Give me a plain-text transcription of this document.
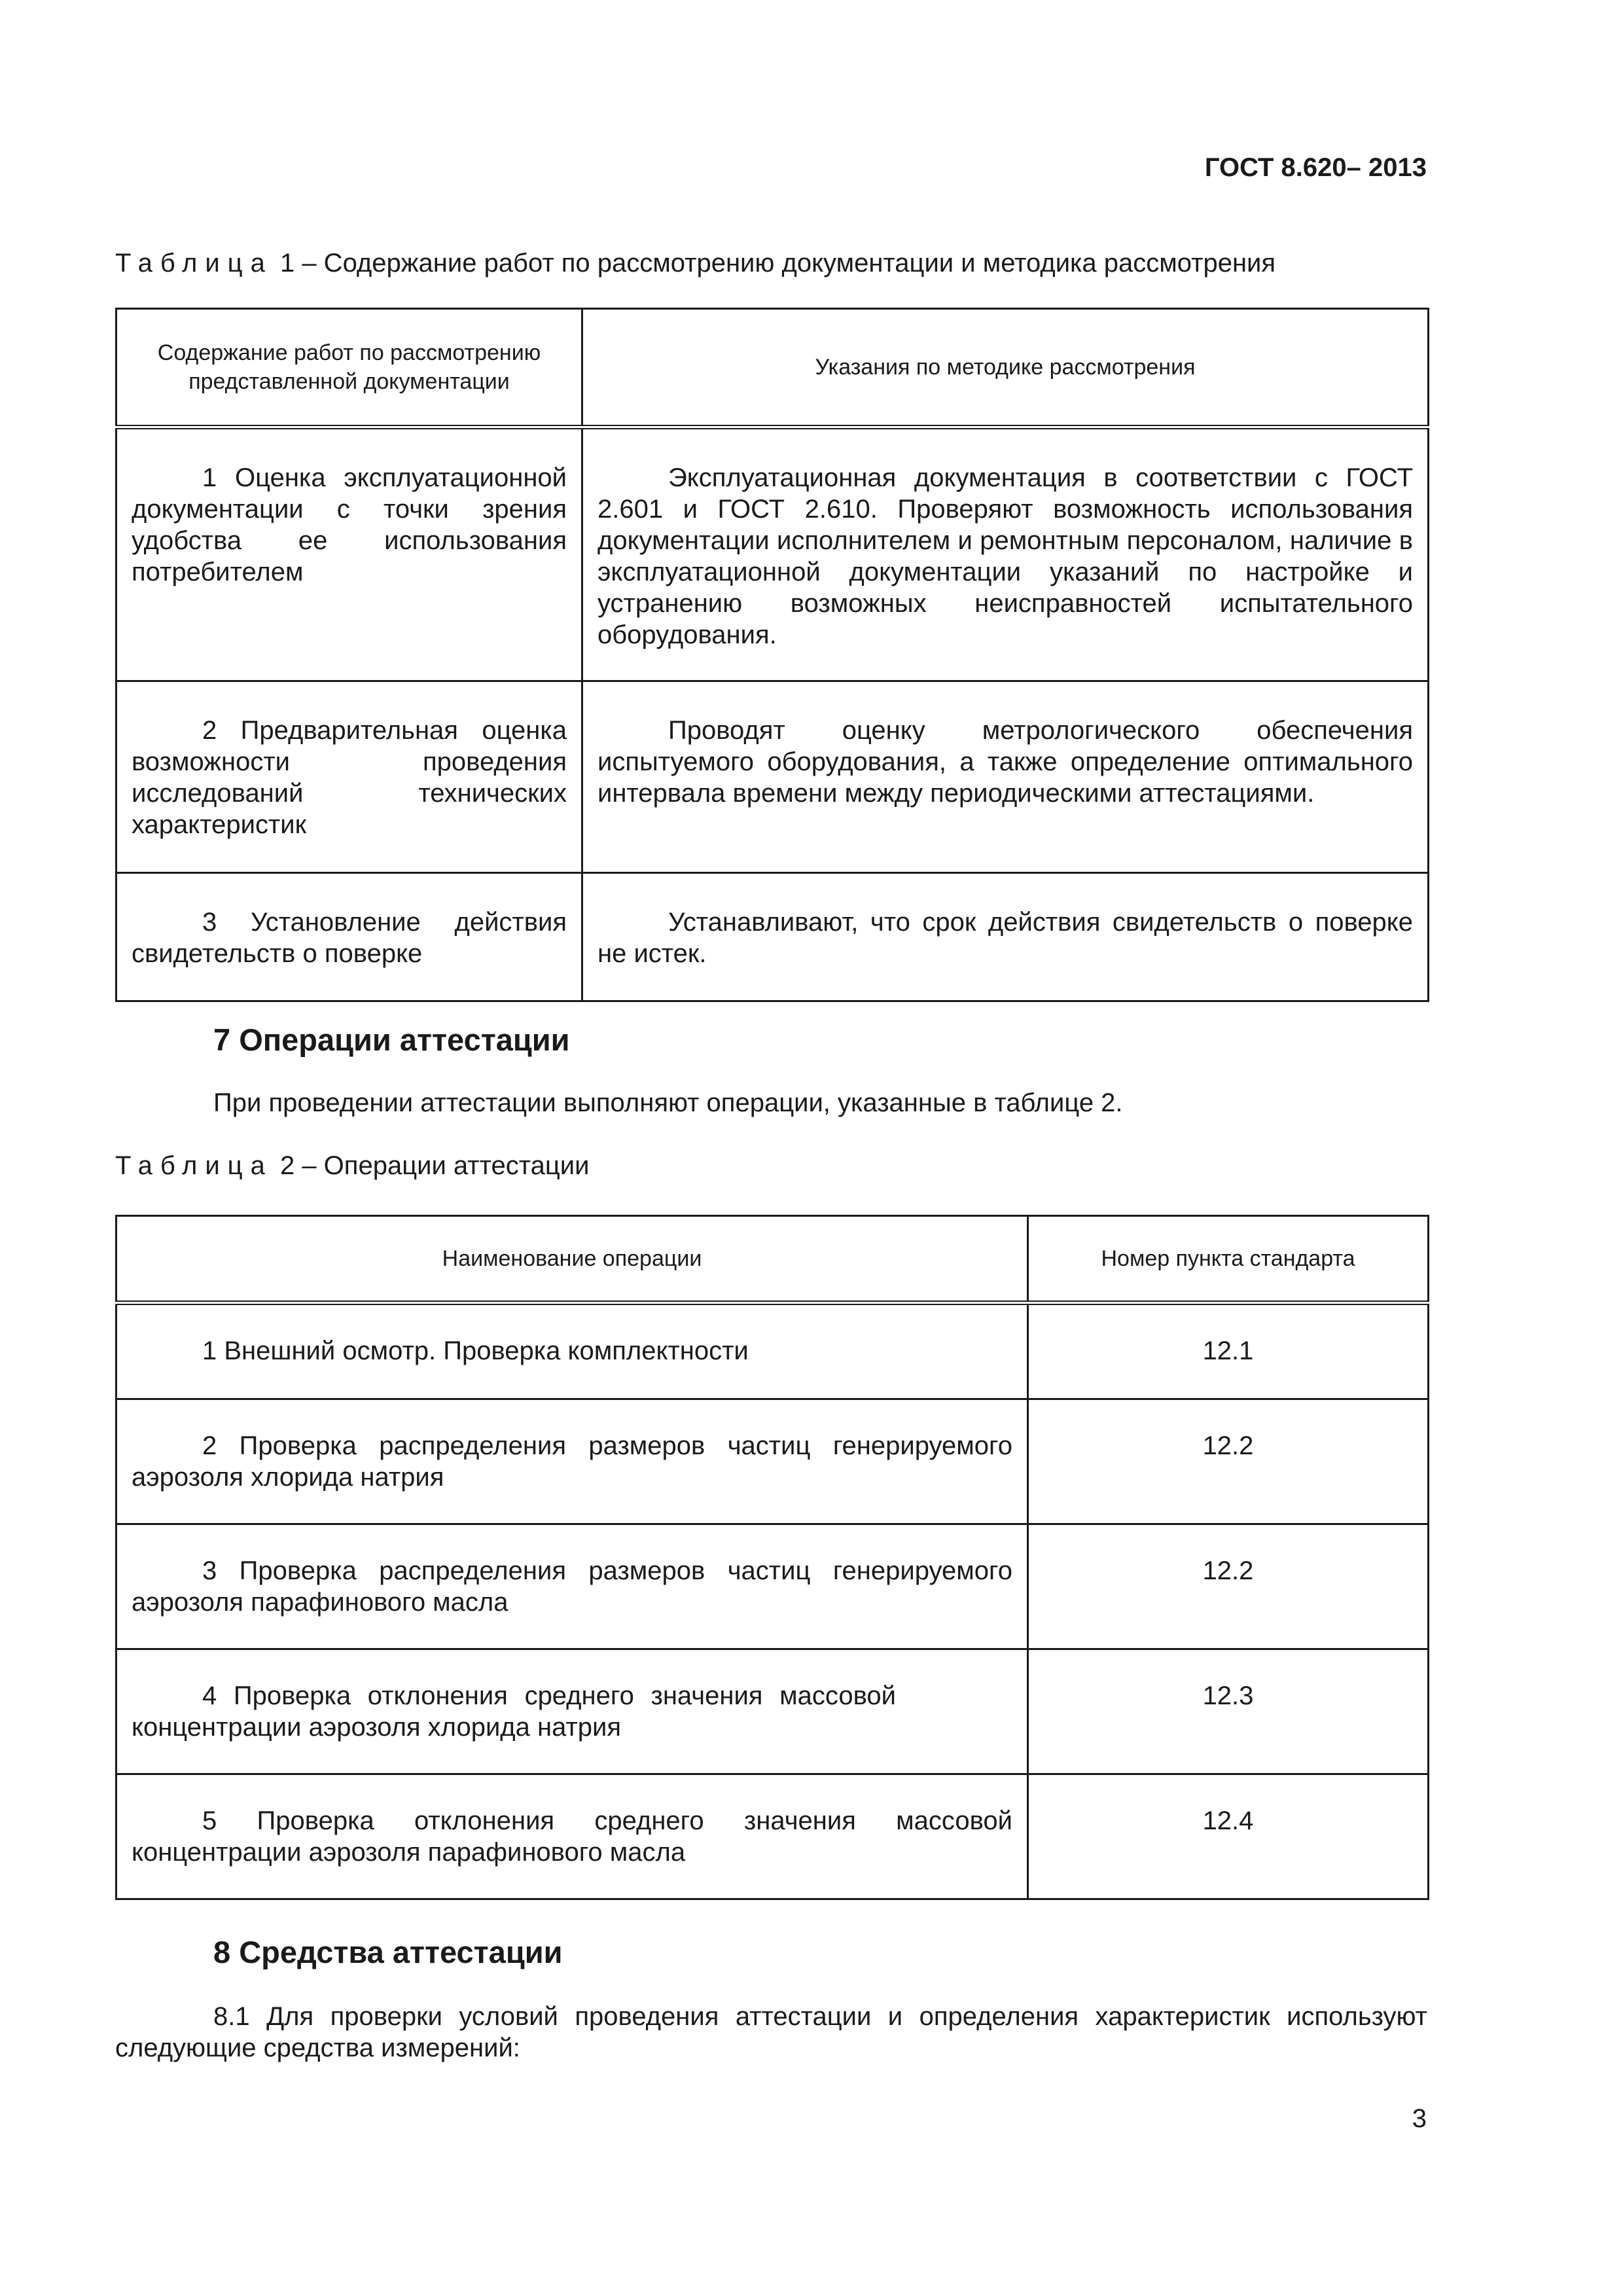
ГОСТ 8.620– 2013
Таблица 1 – Содержание работ по рассмотрению документации и методика рассмотрения
Содержание работ по рассмотрению представленной документации	Указания по методике рассмотрения
1 Оценка эксплуатационной документации с точки зрения удобства ее использования потребителем	Эксплуатационная документация в соответствии с ГОСТ 2.601 и ГОСТ 2.610. Проверяют возможность использования документации исполнителем и ремонтным персоналом, наличие в эксплуатационной документации указаний по настройке и устранению возможных неисправностей испытательного оборудования.
2 Предварительная оценка возможности проведения исследований технических характеристик	Проводят оценку метрологического обеспечения испытуемого оборудования, а также определение оптимального интервала времени между периодическими аттестациями.
3 Установление действия свидетельств о поверке	Устанавливают, что срок действия свидетельств о поверке не истек.
7 Операции аттестации
При проведении аттестации выполняют операции, указанные в таблице 2.
Таблица 2 – Операции аттестации
Наименование операции	Номер пункта стандарта
1 Внешний осмотр. Проверка комплектности	12.1
2 Проверка распределения размеров частиц генерируемого аэрозоля хлорида натрия	12.2
3 Проверка распределения размеров частиц генерируемого аэрозоля парафинового масла	12.2
4 Проверка отклонения среднего значения массовой концентрации аэрозоля хлорида натрия	12.3
5 Проверка отклонения среднего значения массовой концентрации аэрозоля парафинового масла	12.4
8 Средства аттестации
8.1 Для проверки условий проведения аттестации и определения характеристик используют следующие средства измерений:
3
